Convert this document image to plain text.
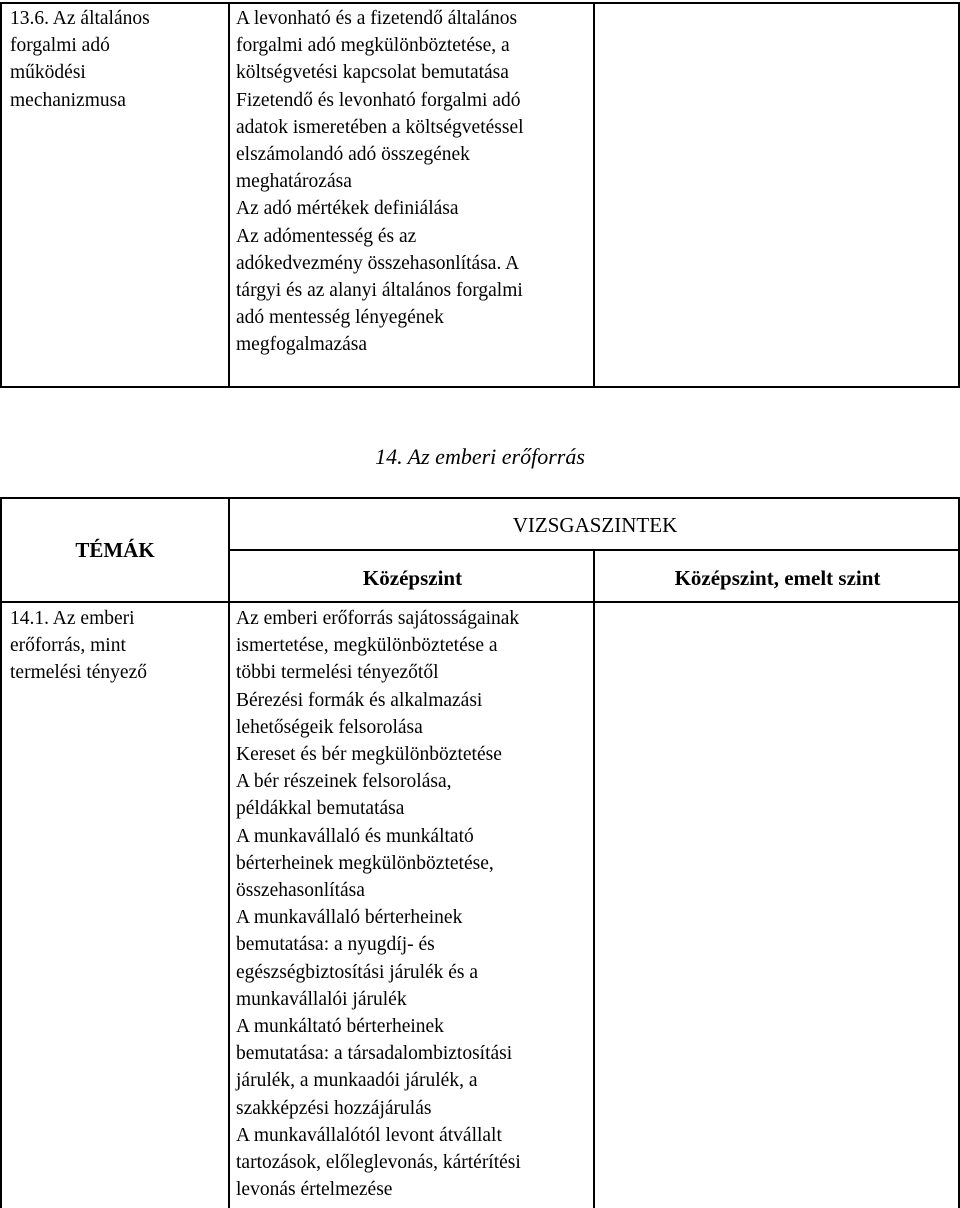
13.6. Az általános
forgalmi adó
működési
mechanizmusa
A levonható és a fizetendő általános
forgalmi adó megkülönböztetése, a
költségvetési kapcsolat bemutatása
Fizetendő és levonható forgalmi adó
adatok ismeretében a költségvetéssel
elszámolandó adó összegének
meghatározása
Az adó mértékek definiálása
Az adómentesség és az
adókedvezmény összehasonlítása. A
tárgyi és az alanyi általános forgalmi
adó mentesség lényegének
megfogalmazása
14. Az emberi erőforrás
TÉMÁK
VIZSGASZINTEK
Középszint	Középszint, emelt szint
14.1. Az emberi
erőforrás, mint
termelési tényező
Az emberi erőforrás sajátosságainak
ismertetése, megkülönböztetése a
többi termelési tényezőtől
Bérezési formák és alkalmazási
lehetőségeik felsorolása
Kereset és bér megkülönböztetése
A bér részeinek felsorolása,
példákkal bemutatása
A munkavállaló és munkáltató
bérterheinek megkülönböztetése,
összehasonlítása
A munkavállaló bérterheinek
bemutatása: a nyugdíj- és
egészségbiztosítási járulék és a
munkavállalói járulék
A munkáltató bérterheinek
bemutatása: a társadalombiztosítási
járulék, a munkaadói járulék, a
szakképzési hozzájárulás
A munkavállalótól levont átvállalt
tartozások, előleglevonás, kártérítési
levonás értelmezése
